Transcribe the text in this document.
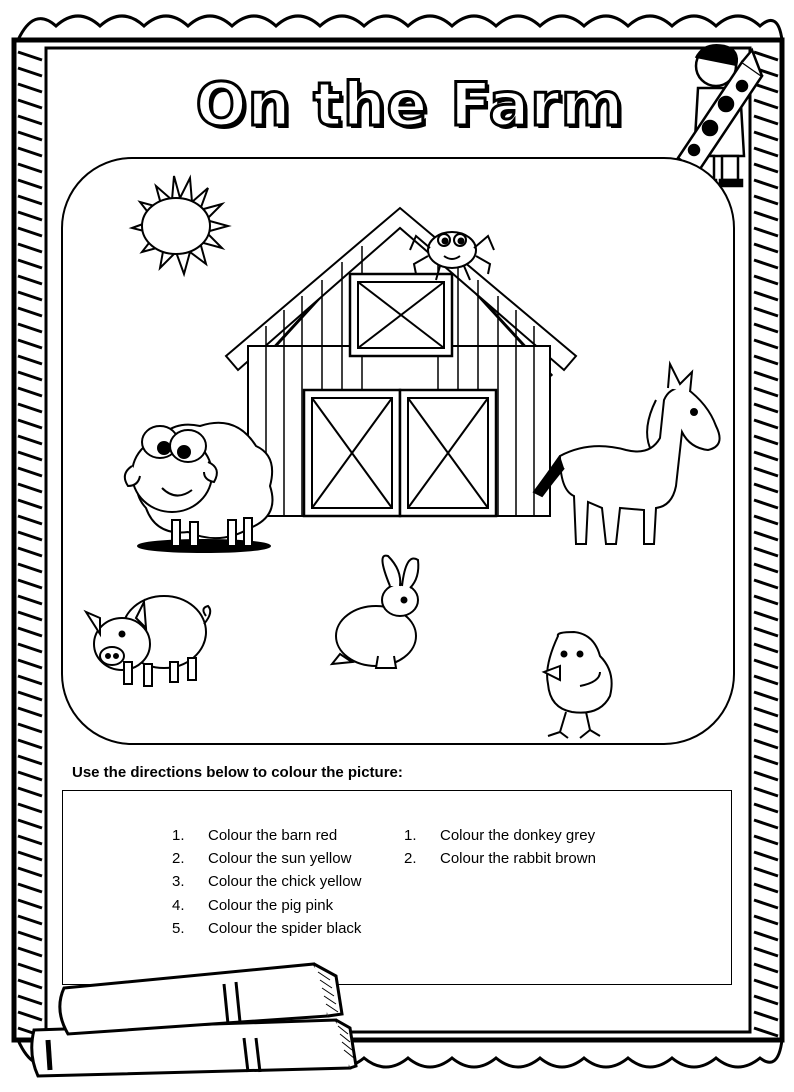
On the Farm
Use the directions below to colour the picture:
1.	Colour the barn red
2.	Colour the sun yellow
3.	Colour the chick yellow
4.	Colour the pig pink
5.	Colour the spider black
1.	Colour the donkey grey
2.	Colour the rabbit brown
